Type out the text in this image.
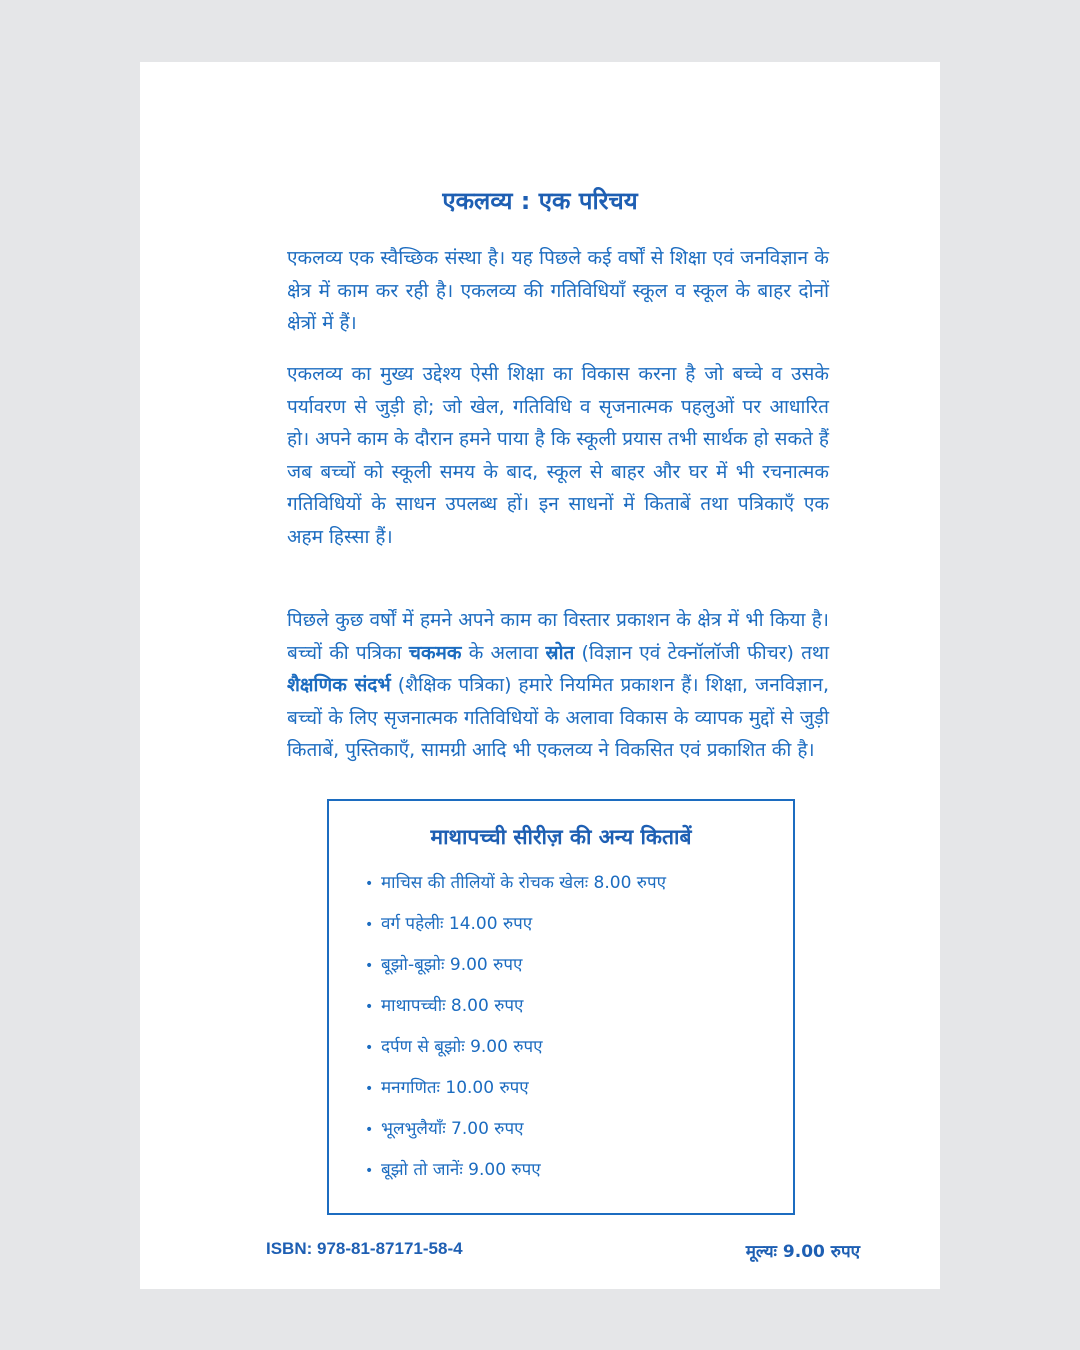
एकलव्य : एक परिचय

एकलव्य एक स्वैच्छिक संस्था है। यह पिछले कई वर्षों से शिक्षा एवं जनविज्ञान के क्षेत्र में काम कर रही है। एकलव्य की गतिविधियाँ स्कूल व स्कूल के बाहर दोनों क्षेत्रों में हैं।

एकलव्य का मुख्य उद्देश्य ऐसी शिक्षा का विकास करना है जो बच्चे व उसके पर्यावरण से जुड़ी हो; जो खेल, गतिविधि व सृजनात्मक पहलुओं पर आधारित हो। अपने काम के दौरान हमने पाया है कि स्कूली प्रयास तभी सार्थक हो सकते हैं जब बच्चों को स्कूली समय के बाद, स्कूल से बाहर और घर में भी रचनात्मक गतिविधियों के साधन उपलब्ध हों। इन साधनों में किताबें तथा पत्रिकाएँ एक अहम हिस्सा हैं।

पिछले कुछ वर्षों में हमने अपने काम का विस्तार प्रकाशन के क्षेत्र में भी किया है। बच्चों की पत्रिका चकमक के अलावा स्रोत (विज्ञान एवं टेक्नॉलॉजी फीचर) तथा शैक्षणिक संदर्भ (शैक्षिक पत्रिका) हमारे नियमित प्रकाशन हैं। शिक्षा, जनविज्ञान, बच्चों के लिए सृजनात्मक गतिविधियों के अलावा विकास के व्यापक मुद्दों से जुड़ी किताबें, पुस्तिकाएँ, सामग्री आदि भी एकलव्य ने विकसित एवं प्रकाशित की है।

माथापच्ची सीरीज़ की अन्य किताबें
• माचिस की तीलियों के रोचक खेलः 8.00 रुपए
• वर्ग पहेलीः 14.00 रुपए
• बूझो-बूझोः 9.00 रुपए
• माथापच्चीः 8.00 रुपए
• दर्पण से बूझोः 9.00 रुपए
• मनगणितः 10.00 रुपए
• भूलभुलैयाँः 7.00 रुपए
• बूझो तो जानेंः 9.00 रुपए
ISBN: 978-81-87171-58-4	मूल्यः 9.00 रुपए
